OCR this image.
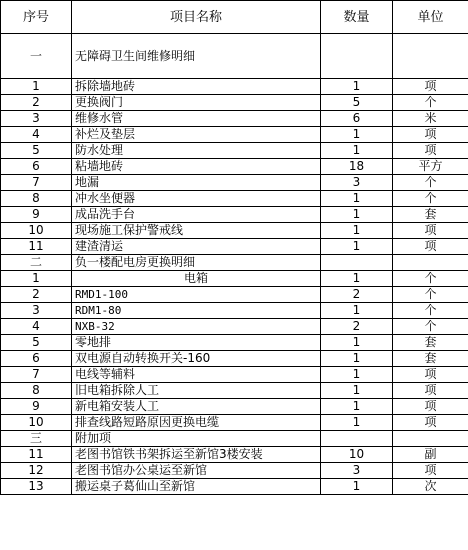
序号	项目名称	数量	单位
一	无障碍卫生间维修明细		
1	拆除墙地砖	1	项
2	更换阀门	5	个
3	维修水管	6	米
4	补烂及垫层	1	项
5	防水处理	1	项
6	粘墙地砖	18	平方
7	地漏	3	个
8	冲水坐便器	1	个
9	成品洗手台	1	套
10	现场施工保护警戒线	1	项
11	建渣清运	1	项
二	负一楼配电房更换明细		
1	电箱	1	个
2	RMD1-100	2	个
3	RDM1-80	1	个
4	NXB-32	2	个
5	零地排	1	套
6	双电源自动转换开关-160	1	套
7	电线等辅料	1	项
8	旧电箱拆除人工	1	项
9	新电箱安装人工	1	项
10	排查线路短路原因更换电缆	1	项
三	附加项		
11	老图书馆铁书架拆运至新馆3楼安装	10	副
12	老图书馆办公桌运至新馆	3	项
13	搬运桌子葛仙山至新馆	1	次
